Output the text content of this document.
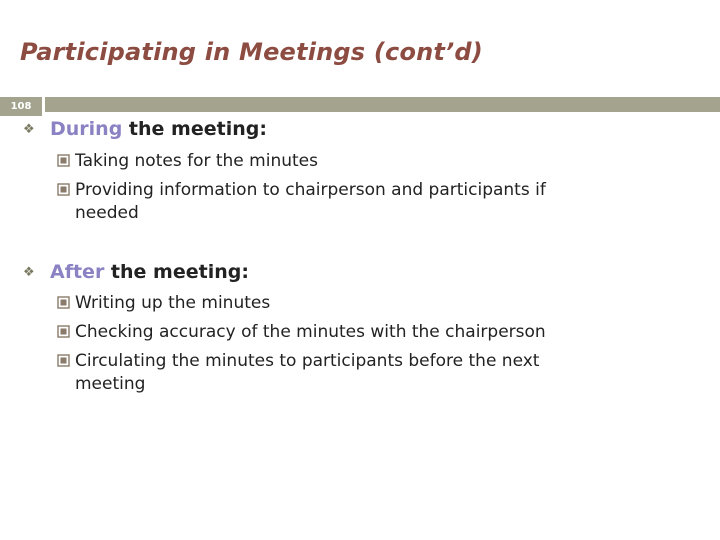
Participating in Meetings (cont’d)
108
❖ During the meeting:
Taking notes for the minutes
Providing information to chairperson and participants if
needed
❖ After the meeting:
Writing up the minutes
Checking accuracy of the minutes with the chairperson
Circulating the minutes to participants before the next
meeting
